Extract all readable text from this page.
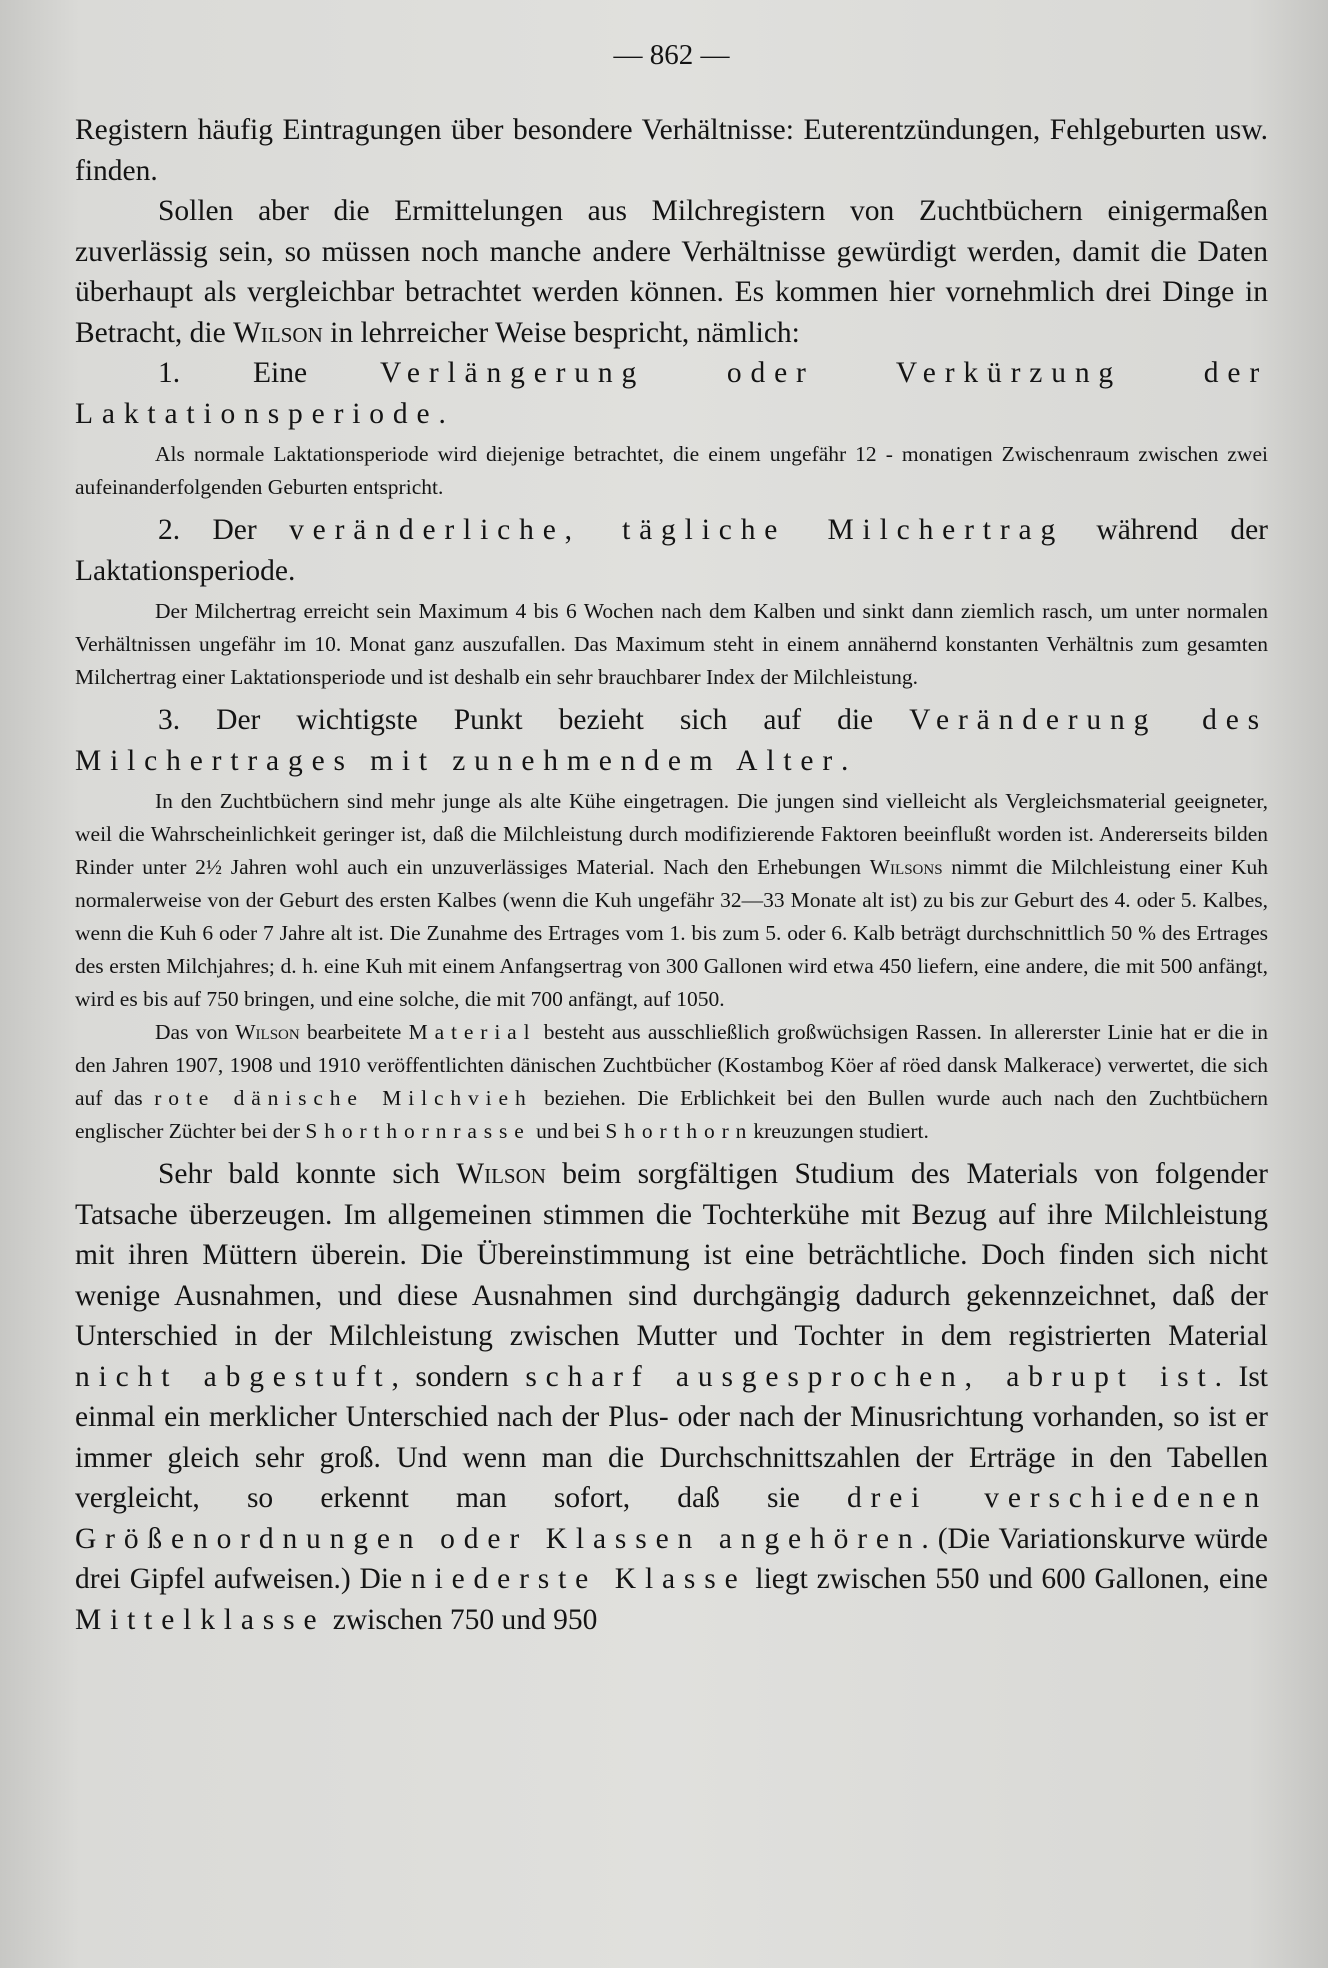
— 862 —

Registern häufig Eintragungen über besondere Verhältnisse: Euterentzündungen, Fehlgeburten usw. finden.

Sollen aber die Ermittelungen aus Milchregistern von Zuchtbüchern einigermaßen zuverlässig sein, so müssen noch manche andere Verhältnisse gewürdigt werden, damit die Daten überhaupt als vergleichbar betrachtet werden können. Es kommen hier vornehmlich drei Dinge in Betracht, die Wilson in lehrreicher Weise bespricht, nämlich:

1. Eine Verlängerung oder Verkürzung der Laktationsperiode.

Als normale Laktationsperiode wird diejenige betrachtet, die einem ungefähr 12 - monatigen Zwischenraum zwischen zwei aufeinanderfolgenden Geburten entspricht.

2. Der veränderliche, tägliche Milchertrag während der Laktationsperiode.

Der Milchertrag erreicht sein Maximum 4 bis 6 Wochen nach dem Kalben und sinkt dann ziemlich rasch, um unter normalen Verhältnissen ungefähr im 10. Monat ganz auszufallen. Das Maximum steht in einem annähernd konstanten Verhältnis zum gesamten Milchertrag einer Laktationsperiode und ist deshalb ein sehr brauchbarer Index der Milchleistung.

3. Der wichtigste Punkt bezieht sich auf die Veränderung des Milchertrages mit zunehmendem Alter.

In den Zuchtbüchern sind mehr junge als alte Kühe eingetragen. Die jungen sind vielleicht als Vergleichsmaterial geeigneter, weil die Wahrscheinlichkeit geringer ist, daß die Milchleistung durch modifizierende Faktoren beeinflußt worden ist. Andererseits bilden Rinder unter 2½ Jahren wohl auch ein unzuverlässiges Material. Nach den Erhebungen Wilsons nimmt die Milchleistung einer Kuh normalerweise von der Geburt des ersten Kalbes (wenn die Kuh ungefähr 32—33 Monate alt ist) zu bis zur Geburt des 4. oder 5. Kalbes, wenn die Kuh 6 oder 7 Jahre alt ist. Die Zunahme des Ertrages vom 1. bis zum 5. oder 6. Kalb beträgt durchschnittlich 50 % des Ertrages des ersten Milchjahres; d. h. eine Kuh mit einem Anfangsertrag von 300 Gallonen wird etwa 450 liefern, eine andere, die mit 500 anfängt, wird es bis auf 750 bringen, und eine solche, die mit 700 anfängt, auf 1050.

Das von Wilson bearbeitete Material besteht aus ausschließlich großwüchsigen Rassen. In allererster Linie hat er die in den Jahren 1907, 1908 und 1910 veröffentlichten dänischen Zuchtbücher (Kostambog Köer af röed dansk Malkerace) verwertet, die sich auf das rote dänische Milchvieh beziehen. Die Erblichkeit bei den Bullen wurde auch nach den Zuchtbüchern englischer Züchter bei der Shorthornrasse und bei Shorthornkreuzungen studiert.

Sehr bald konnte sich Wilson beim sorgfältigen Studium des Materials von folgender Tatsache überzeugen. Im allgemeinen stimmen die Tochterkühe mit Bezug auf ihre Milchleistung mit ihren Müttern überein. Die Übereinstimmung ist eine beträchtliche. Doch finden sich nicht wenige Ausnahmen, und diese Ausnahmen sind durchgängig dadurch gekennzeichnet, daß der Unterschied in der Milchleistung zwischen Mutter und Tochter in dem registrierten Material nicht abgestuft, sondern scharf ausgesprochen, abrupt ist. Ist einmal ein merklicher Unterschied nach der Plus- oder nach der Minusrichtung vorhanden, so ist er immer gleich sehr groß. Und wenn man die Durchschnittszahlen der Erträge in den Tabellen vergleicht, so erkennt man sofort, daß sie drei verschiedenen Größenordnungen oder Klassen angehören. (Die Variationskurve würde drei Gipfel aufweisen.) Die niederste Klasse liegt zwischen 550 und 600 Gallonen, eine Mittelklasse zwischen 750 und 950
